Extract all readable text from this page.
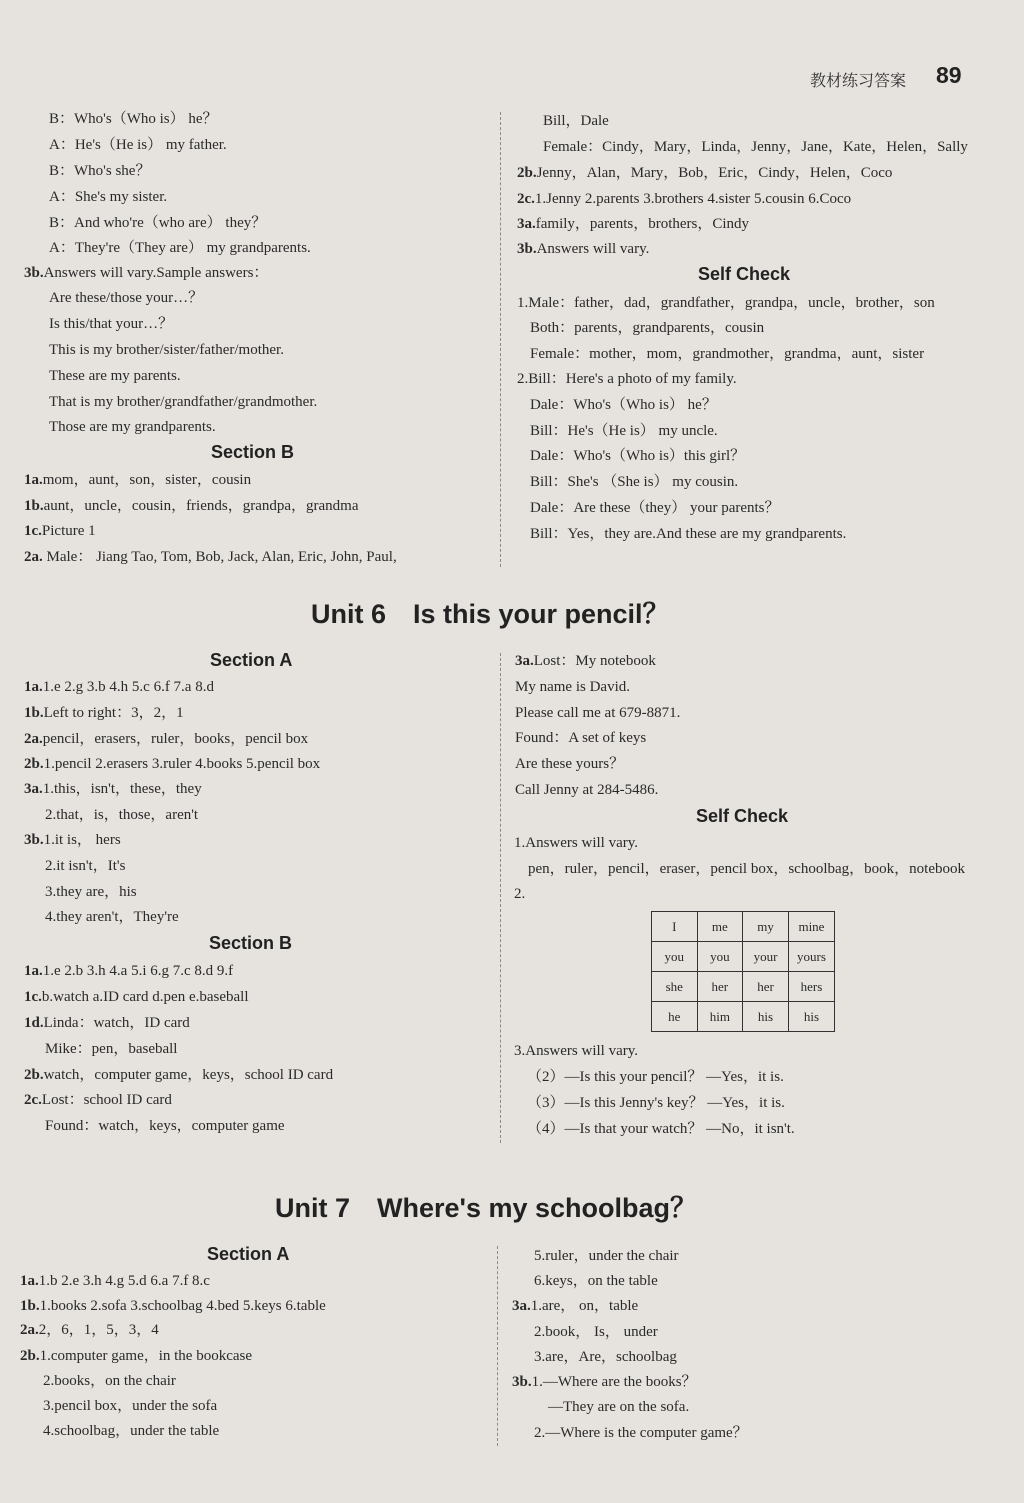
教材练习答案 89
B：Who's（Who is） he？
A：He's（He is） my father.
B：Who's she？
A：She's my sister.
B：And who're（who are） they？
A：They're（They are） my grandparents.
3b.Answers will vary.Sample answers：
Are these/those your…？
Is this/that your…？
This is my brother/sister/father/mother.
These are my parents.
That is my brother/grandfather/grandmother.
Those are my grandparents.
Section B
1a.mom，aunt，son，sister，cousin
1b.aunt，uncle，cousin，friends，grandpa，grandma
1c.Picture 1
2a. Male： Jiang Tao, Tom, Bob, Jack, Alan, Eric, John, Paul,
Bill，Dale
Female：Cindy，Mary，Linda，Jenny，Jane，Kate，Helen，Sally
2b.Jenny，Alan，Mary，Bob，Eric，Cindy，Helen，Coco
2c.1.Jenny 2.parents 3.brothers 4.sister 5.cousin 6.Coco
3a.family，parents，brothers，Cindy
3b.Answers will vary.
Self Check
1.Male：father，dad，grandfather，grandpa，uncle，brother，son
Both：parents，grandparents，cousin
Female：mother，mom，grandmother，grandma，aunt，sister
2.Bill：Here's a photo of my family.
Dale：Who's（Who is） he？
Bill：He's（He is） my uncle.
Dale：Who's（Who is）this girl？
Bill：She's （She is） my cousin.
Dale：Are these（they） your parents？
Bill：Yes，they are.And these are my grandparents.
Unit 6　Is this your pencil？
Section A
1a.1.e 2.g 3.b 4.h 5.c 6.f 7.a 8.d
1b.Left to right：3，2，1
2a.pencil，erasers，ruler，books，pencil box
2b.1.pencil 2.erasers 3.ruler 4.books 5.pencil box
3a.1.this，isn't，these，they
2.that，is，those，aren't
3b.1.it is， hers
2.it isn't，It's
3.they are，his
4.they aren't，They're
Section B
1a.1.e 2.b 3.h 4.a 5.i 6.g 7.c 8.d 9.f
1c.b.watch a.ID card d.pen e.baseball
1d.Linda：watch，ID card
Mike：pen，baseball
2b.watch，computer game，keys，school ID card
2c.Lost：school ID card
Found：watch，keys，computer game
3a.Lost：My notebook
My name is David.
Please call me at 679-8871.
Found：A set of keys
Are these yours？
Call Jenny at 284-5486.
Self Check
1.Answers will vary.
pen，ruler，pencil，eraser，pencil box，schoolbag，book，notebook
2.
I	me	my	mine
you	you	your	yours
she	her	her	hers
he	him	his	his
3.Answers will vary.
（2）—Is this your pencil？ —Yes，it is.
（3）—Is this Jenny's key？ —Yes，it is.
（4）—Is that your watch？ —No，it isn't.
Unit 7　Where's my schoolbag？
Section A
1a.1.b 2.e 3.h 4.g 5.d 6.a 7.f 8.c
1b.1.books 2.sofa 3.schoolbag 4.bed 5.keys 6.table
2a.2，6，1，5，3，4
2b.1.computer game，in the bookcase
2.books，on the chair
3.pencil box，under the sofa
4.schoolbag，under the table
5.ruler，under the chair
6.keys，on the table
3a.1.are， on，table
2.book， Is， under
3.are，Are，schoolbag
3b.1.—Where are the books？
—They are on the sofa.
2.—Where is the computer game？
